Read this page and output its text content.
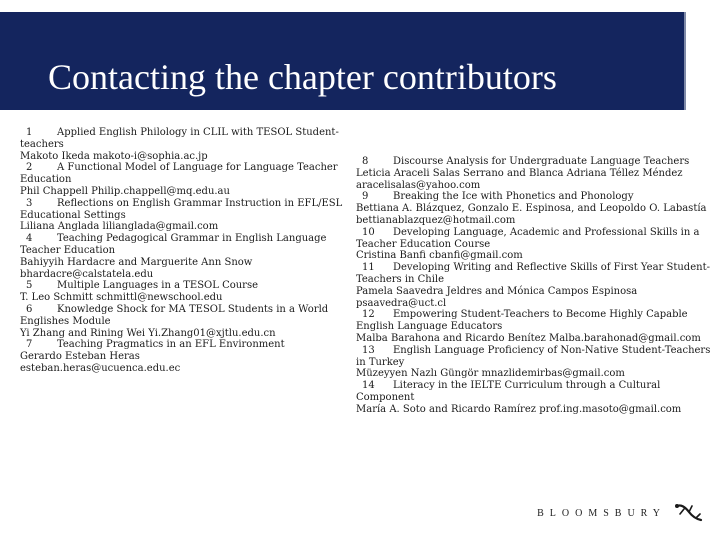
Contacting the chapter contributors

1 Applied English Philology in CLIL with TESOL Student-teachers
Makoto Ikeda makoto-i@sophia.ac.jp

2 A Functional Model of Language for Language Teacher Education
Phil Chappell Philip.chappell@mq.edu.au

3 Reflections on English Grammar Instruction in EFL/ESL Educational Settings
Liliana Anglada lilianglada@gmail.com

4 Teaching Pedagogical Grammar in English Language Teacher Education
Bahiyyih Hardacre and Marguerite Ann Snow bhardacre@calstatela.edu

5 Multiple Languages in a TESOL Course
T. Leo Schmitt schmittl@newschool.edu

6 Knowledge Shock for MA TESOL Students in a World Englishes Module
Yi Zhang and Rining Wei Yi.Zhang01@xjtlu.edu.cn

7 Teaching Pragmatics in an EFL Environment
Gerardo Esteban Heras
esteban.heras@ucuenca.edu.ec

8 Discourse Analysis for Undergraduate Language Teachers
Leticia Araceli Salas Serrano and Blanca Adriana Téllez Méndez
aracelisalas@yahoo.com

9 Breaking the Ice with Phonetics and Phonology
Bettiana A. Blázquez, Gonzalo E. Espinosa, and Leopoldo O. Labastía
bettianablazquez@hotmail.com

10 Developing Language, Academic and Professional Skills in a Teacher Education Course
Cristina Banfi cbanfi@gmail.com

11 Developing Writing and Reflective Skills of First Year Student-Teachers in Chile
Pamela Saavedra Jeldres and Mónica Campos Espinosa
psaavedra@uct.cl

12 Empowering Student-Teachers to Become Highly Capable English Language Educators
Malba Barahona and Ricardo Benítez Malba.barahonad@gmail.com

13 English Language Proficiency of Non-Native Student-Teachers in Turkey
Müzeyyen Nazlı Güngör mnazlidemirbas@gmail.com

14 Literacy in the IELTE Curriculum through a Cultural Component
María A. Soto and Ricardo Ramírez prof.ing.masoto@gmail.com

BLOOMSBURY
